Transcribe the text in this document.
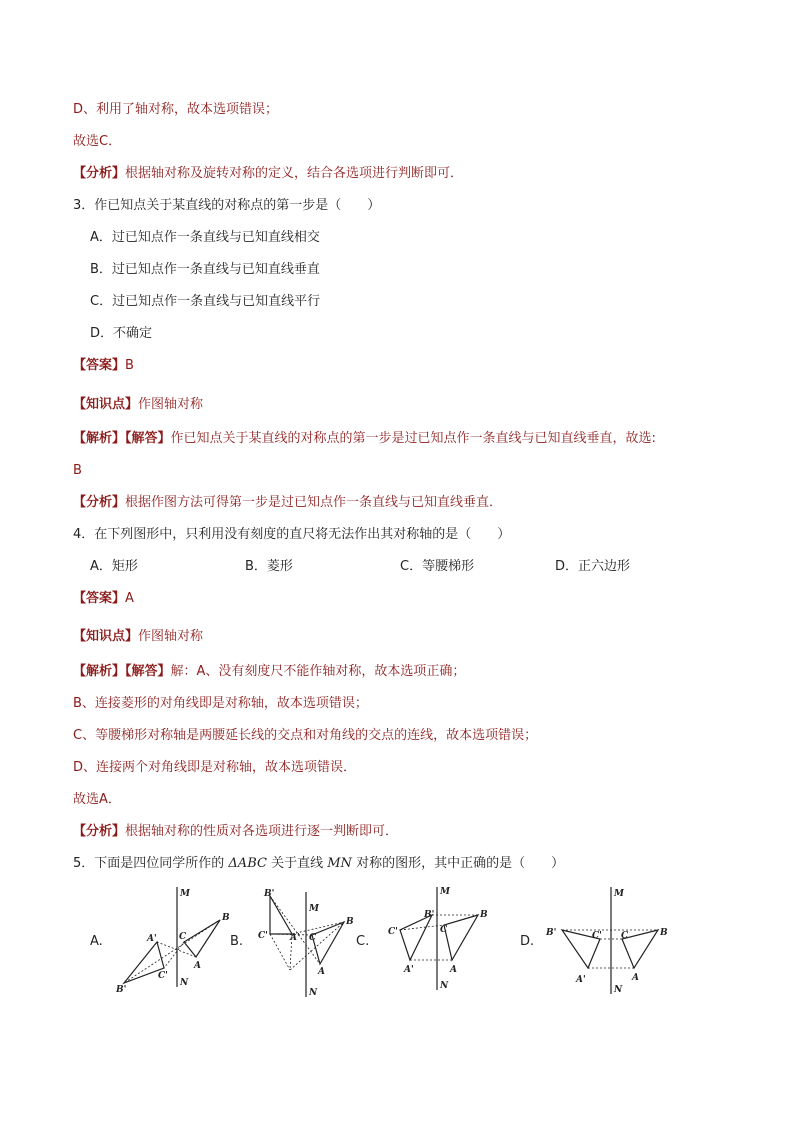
D、利用了轴对称，故本选项错误；
故选C．
【分析】根据轴对称及旋转对称的定义，结合各选项进行判断即可．
3．作已知点关于某直线的对称点的第一步是（　　）
A．过已知点作一条直线与已知直线相交
B．过已知点作一条直线与已知直线垂直
C．过已知点作一条直线与已知直线平行
D．不确定
【答案】B
【知识点】作图轴对称
【解析】【解答】作已知点关于某直线的对称点的第一步是过已知点作一条直线与已知直线垂直，故选:
B
【分析】根据作图方法可得第一步是过已知点作一条直线与已知直线垂直．
4．在下列图形中，只利用没有刻度的直尺将无法作出其对称轴的是（　　）
A．矩形	B．菱形	C．等腰梯形	D．正六边形
【答案】A
【知识点】作图轴对称
【解析】【解答】解：A、没有刻度尺不能作轴对称，故本选项正确；
B、连接菱形的对角线即是对称轴，故本选项错误；
C、等腰梯形对称轴是两腰延长线的交点和对角线的交点的连线，故本选项错误；
D、连接两个对角线即是对称轴，故本选项错误．
故选A．
【分析】根据轴对称的性质对各选项进行逐一判断即可．
5．下面是四位同学所作的 ΔABC 关于直线 MN 对称的图形，其中正确的是（　　）
A.	B.	C.	D.
M
N
B
C
A
A'
B'
C'
M
N
B
C
A
B'
C' A'
M
N
B
C
A
B'
C'
A'
M
N
B
C
A
B'	C'
A'
